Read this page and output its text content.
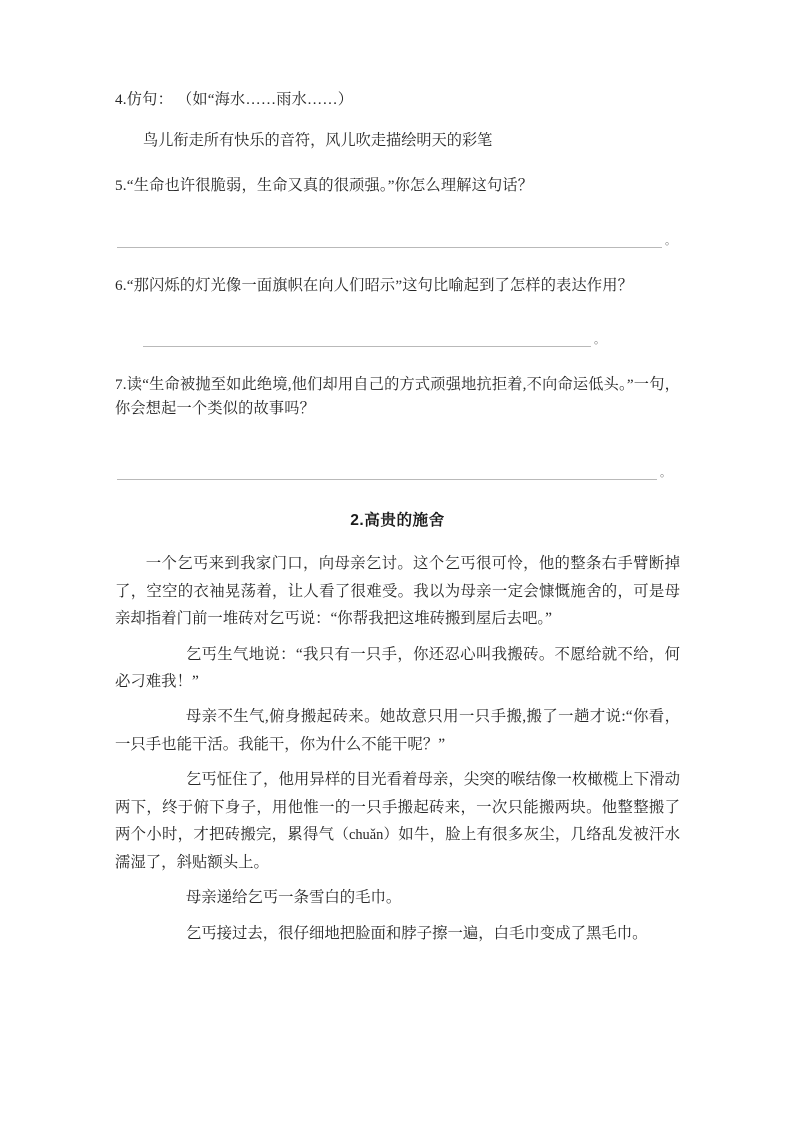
4.仿句： （如“海水……雨水……）
鸟儿衔走所有快乐的音符，风儿吹走描绘明天的彩笔
5.“生命也许很脆弱，生命又真的很顽强。”你怎么理解这句话？
。
6.“那闪烁的灯光像一面旗帜在向人们昭示”这句比喻起到了怎样的表达作用？
。
7.读“生命被抛至如此绝境,他们却用自己的方式顽强地抗拒着,不向命运低头。”一句，你会想起一个类似的故事吗？
。
2.高贵的施舍
一个乞丐来到我家门口，向母亲乞讨。这个乞丐很可怜，他的整条右手臂断掉了，空空的衣袖晃荡着，让人看了很难受。我以为母亲一定会慷慨施舍的，可是母亲却指着门前一堆砖对乞丐说：“你帮我把这堆砖搬到屋后去吧。”
乞丐生气地说：“我只有一只手，你还忍心叫我搬砖。不愿给就不给，何必刁难我！”
母亲不生气,俯身搬起砖来。她故意只用一只手搬,搬了一趟才说:“你看，一只手也能干活。我能干，你为什么不能干呢？”
乞丐怔住了，他用异样的目光看着母亲，尖突的喉结像一枚橄榄上下滑动两下，终于俯下身子，用他惟一的一只手搬起砖来，一次只能搬两块。他整整搬了两个小时，才把砖搬完，累得气（chuǎn）如牛，脸上有很多灰尘，几络乱发被汗水濡湿了，斜贴额头上。
母亲递给乞丐一条雪白的毛巾。
乞丐接过去，很仔细地把脸面和脖子擦一遍，白毛巾变成了黑毛巾。
